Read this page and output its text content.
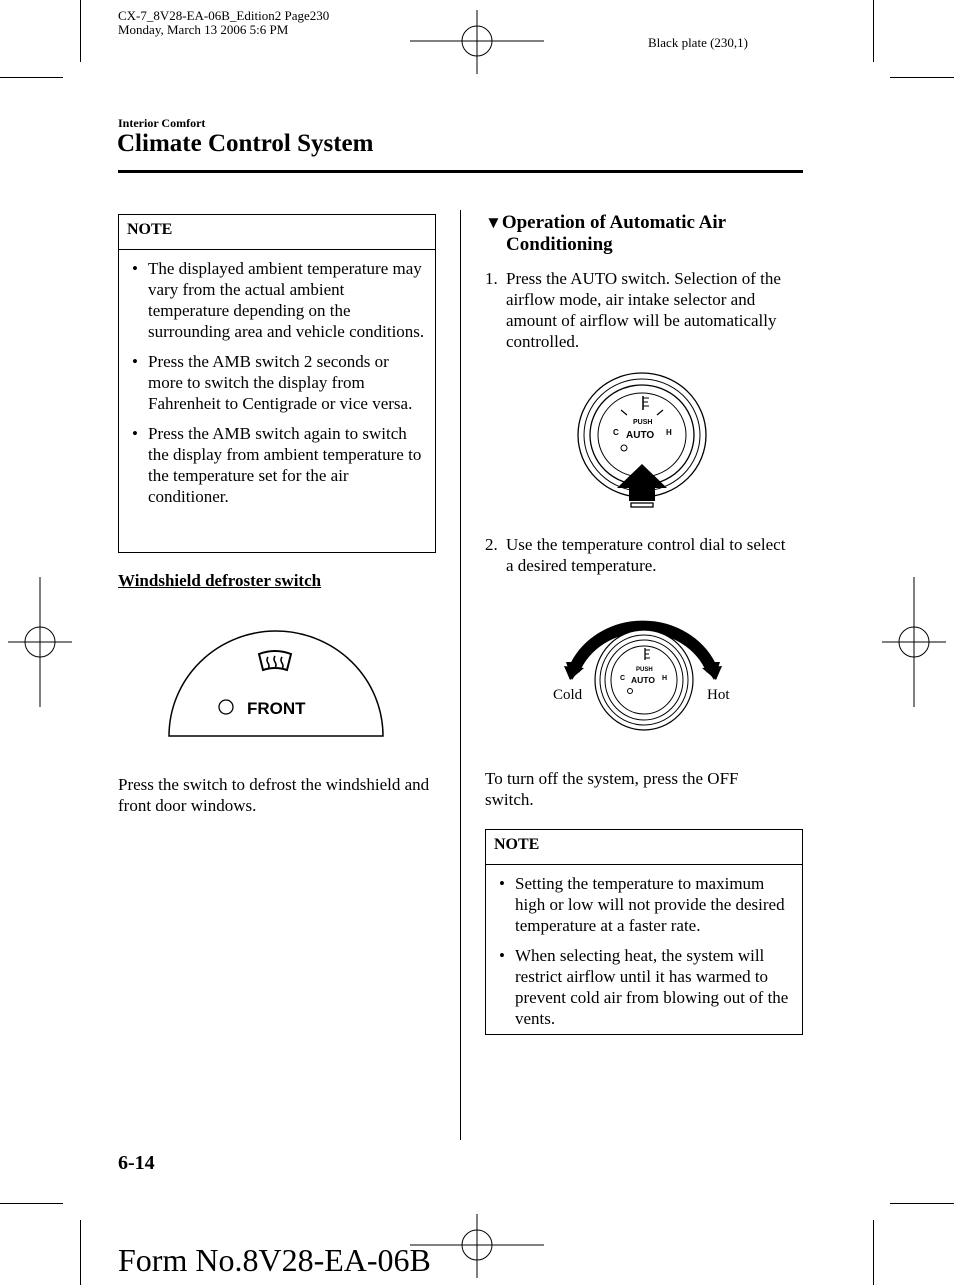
CX-7_8V28-EA-06B_Edition2 Page230
Monday, March 13 2006 5:6 PM
Black plate (230,1)
Interior Comfort
Climate Control System
NOTE
• The displayed ambient temperature may vary from the actual ambient temperature depending on the surrounding area and vehicle conditions.
• Press the AMB switch 2 seconds or more to switch the display from Fahrenheit to Centigrade or vice versa.
• Press the AMB switch again to switch the display from ambient temperature to the temperature set for the air conditioner.
Windshield defroster switch
FRONT
Press the switch to defrost the windshield and front door windows.
▼Operation of Automatic Air
Conditioning
1. Press the AUTO switch. Selection of the airflow mode, air intake selector and amount of airflow will be automatically controlled.
PUSH
AUTO
C	H
2. Use the temperature control dial to select a desired temperature.
PUSH
AUTO
C	H
Cold	Hot
To turn off the system, press the OFF switch.
NOTE
• Setting the temperature to maximum high or low will not provide the desired temperature at a faster rate.
• When selecting heat, the system will restrict airflow until it has warmed to prevent cold air from blowing out of the vents.
6-14
Form No.8V28-EA-06B
